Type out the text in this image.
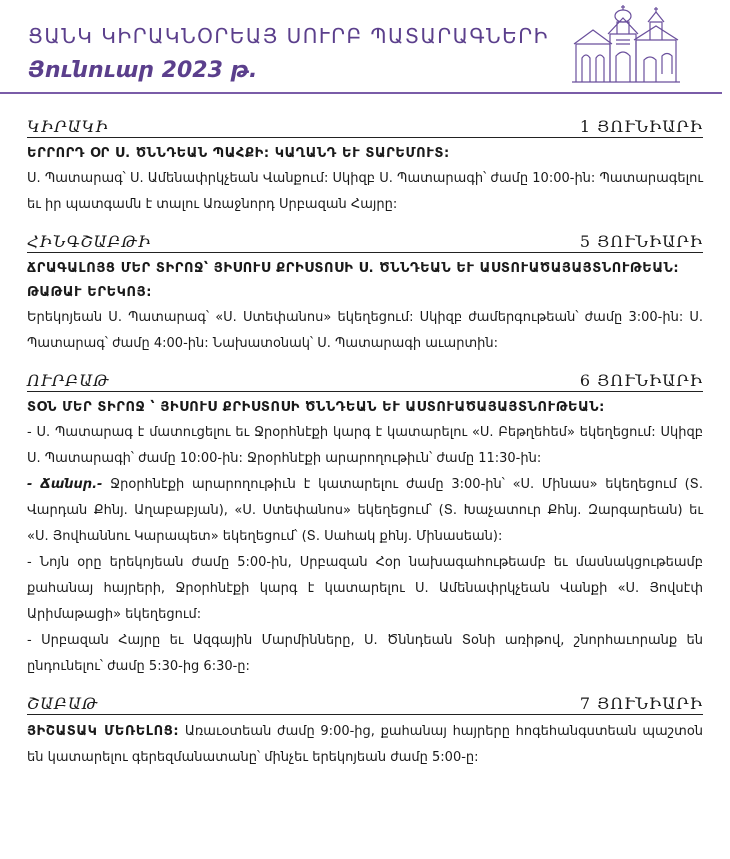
ՑԱՆԿ ԿԻՐԱԿՆՕՐԵԱՅ ՍՈՒՐԲ ՊԱՏԱՐԱԳՆԵՐԻ
Յունուար 2023 թ.
ԿԻՐԱԿԻ	1 ՅՈՒՆԻԱՐԻ
ԵՐՐՈՐԴ ՕՐ Ս. ԾՆՆԴԵԱՆ ՊԱՀՔԻ: ԿԱՂԱՆԴ ԵՒ ՏԱՐԵՄՈՒՏ:

Ս. Պատարագ՝ Ս. Ամենափրկչեան Վանքում: Սկիզբ Ս. Պատարագի՝ ժամը 10:00-ին: Պատարագելու եւ իր պատգամն է տալու Առաջնորդ Սրբազան Հայրը:

ՀԻՆԳՇԱԲԹԻ	5 ՅՈՒՆԻԱՐԻ
ՃՐԱԳԱԼՈՅՑ ՄԵՐ ՏԻՐՈՋ՝ ՅԻՍՈՒՍ ՔՐԻՍՏՈՍԻ Ս. ԾՆՆԴԵԱՆ ԵՒ ԱՍՏՈՒԱԾԱՅԱՅՏՆՈՒԹԵԱՆ: ԹԱԹԱՒ ԵՐԵԿՈՅ:

Երեկոյեան Ս. Պատարագ՝ «Ս. Ստեփանոս» եկեղեցում: Սկիզբ ժամերգութեան՝ ժամը 3:00-ին: Ս. Պատարագ՝ ժամը 4:00-ին: Նախատօնակ՝ Ս. Պատարագի աւարտին:

ՈՒՐԲԱԹ	6 ՅՈՒՆԻԱՐԻ
ՏՕՆ ՄԵՐ ՏԻՐՈՋ ՝ ՅԻՍՈՒՍ ՔՐԻՍՏՈՍԻ ԾՆՆԴԵԱՆ ԵՒ ԱՍՏՈՒԱԾԱՅԱՅՏՆՈՒԹԵԱՆ:

- Ս. Պատարագ է մատուցելու եւ Ջրօրհնէքի կարգ է կատարելու «Ս. Բեթղեհեմ» եկեղեցում: Սկիզբ Ս. Պատարագի՝ ժամը 10:00-ին: Ջրօրհնէքի արարողութիւն՝ ժամը 11:30-ին:

- Ճանսր.- Ջրօրհնէքի արարողութիւն է կատարելու ժամը 3:00-ին՝ «Ս. Մինաս» եկեղեցում (Տ. Վարդան Քհնյ. Աղաբաբյան), «Ս. Ստեփանոս» եկեղեցում՝ (Տ. Խաչատուր Քհնյ. Զարգարեան) եւ «Ս. Յովհաննու Կարապետ» եկեղեցում՝ (Տ. Սահակ քհնյ. Մինասեան):

- Նոյն օրը երեկոյեան ժամը 5:00-ին, Սրբազան Հօր նախագահութեամբ եւ մասնակցութեամբ քահանայ հայրերի, Ջրօրհնէքի կարգ է կատարելու Ս. Ամենափրկչեան Վանքի «Ս. Յովսէփ Արիմաթացի» եկեղեցում:

- Սրբազան Հայրը եւ Ազգային Մարմինները, Ս. Ծննդեան Տօնի առիթով, շնորհաւորանք են ընդունելու՝ ժամը 5:30-ից 6:30-ը:

ՇԱԲԱԹ	7 ՅՈՒՆԻԱՐԻ

ՅԻՇԱՏԱԿ ՄԵՌԵԼՈՑ: Առաւօտեան ժամը 9:00-ից, քահանայ հայրերը հոգեհանգստեան պաշտօն են կատարելու գերեզմանատանը՝ մինչեւ երեկոյեան ժամը 5:00-ը:
